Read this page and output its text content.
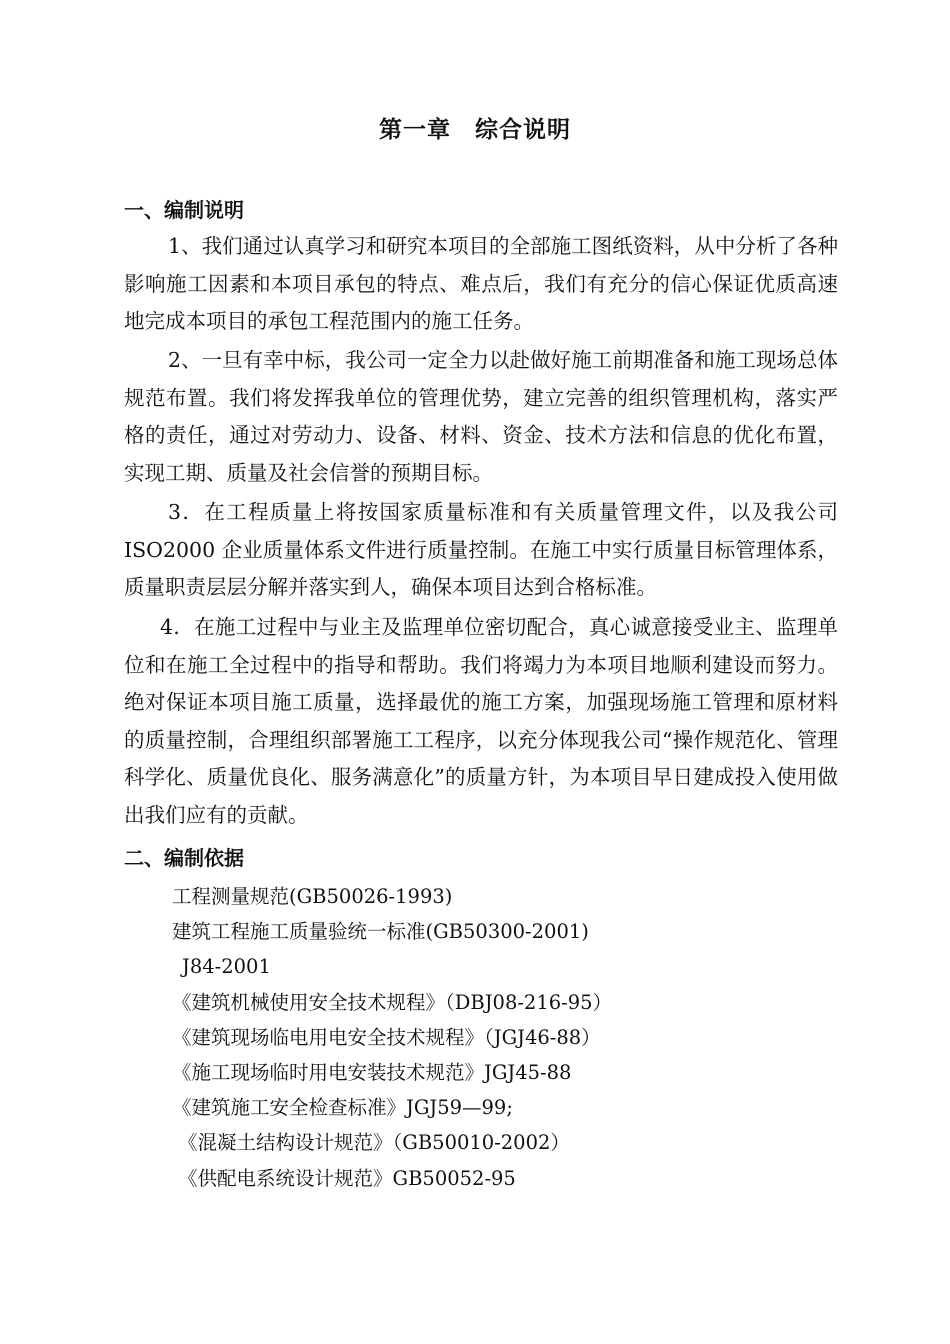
第一章　综合说明
一、编制说明

1、我们通过认真学习和研究本项目的全部施工图纸资料，从中分析了各种影响施工因素和本项目承包的特点、难点后，我们有充分的信心保证优质高速地完成本项目的承包工程范围内的施工任务。

2、一旦有幸中标，我公司一定全力以赴做好施工前期准备和施工现场总体规范布置。我们将发挥我单位的管理优势，建立完善的组织管理机构，落实严格的责任，通过对劳动力、设备、材料、资金、技术方法和信息的优化布置，实现工期、质量及社会信誉的预期目标。

3．在工程质量上将按国家质量标准和有关质量管理文件，以及我公司 ISO2000 企业质量体系文件进行质量控制。在施工中实行质量目标管理体系，质量职责层层分解并落实到人，确保本项目达到合格标准。

4．在施工过程中与业主及监理单位密切配合，真心诚意接受业主、监理单位和在施工全过程中的指导和帮助。我们将竭力为本项目地顺利建设而努力。绝对保证本项目施工质量，选择最优的施工方案，加强现场施工管理和原材料的质量控制，合理组织部署施工工程序，以充分体现我公司“操作规范化、管理科学化、质量优良化、服务满意化”的质量方针，为本项目早日建成投入使用做出我们应有的贡献。

二、编制依据
工程测量规范(GB50026-1993)
建筑工程施工质量验统一标准(GB50300-2001)
J84-2001
《建筑机械使用安全技术规程》（DBJ08-216-95）
《建筑现场临电用电安全技术规程》（JGJ46-88）
《施工现场临时用电安装技术规范》JGJ45-88
《建筑施工安全检查标准》JGJ59—99;
《混凝土结构设计规范》（GB50010-2002）
《供配电系统设计规范》GB50052-95
